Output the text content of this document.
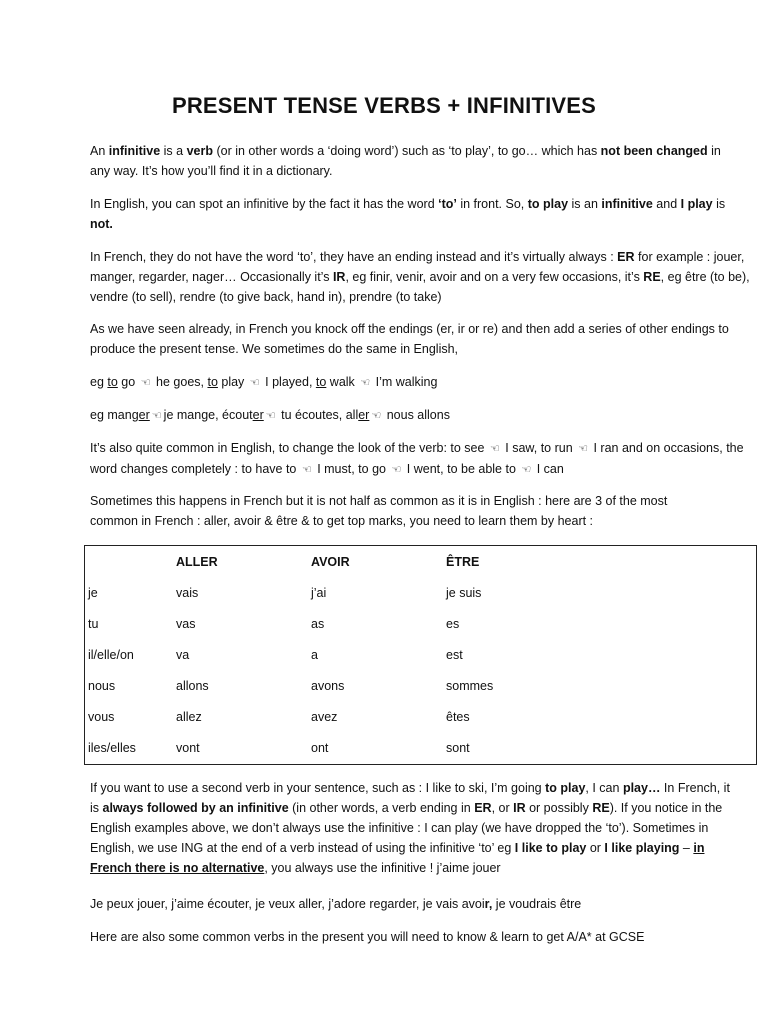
PRESENT TENSE VERBS + INFINITIVES

An infinitive is a verb (or in other words a ‘doing word’) such as ‘to play’, to go… which has not been changed in any way. It’s how you’ll find it in a dictionary.

In English, you can spot an infinitive by the fact it has the word ‘to’ in front. So, to play is an infinitive and I play is not.

In French, they do not have the word ‘to’, they have an ending instead and it’s virtually always : ER for example : jouer, manger, regarder, nager… Occasionally it’s IR, eg finir, venir, avoir and on a very few occasions, it’s RE, eg être (to be), vendre (to sell), rendre (to give back, hand in), prendre (to take)

As we have seen already, in French you knock off the endings (er, ir or re) and then add a series of other endings to produce the present tense. We sometimes do the same in English,

eg to go ☜ he goes, to play ☜ I played, to walk ☜ I’m walking

eg manger ☜ je mange, écouter ☜ tu écoutes, aller ☜ nous allons

It’s also quite common in English, to change the look of the verb: to see ☜ I saw, to run ☜ I ran and on occasions, the word changes completely : to have to ☜ I must, to go ☜ I went, to be able to ☜ I can

Sometimes this happens in French but it is not half as common as it is in English : here are 3 of the most common in French : aller, avoir & être & to get top marks, you need to learn them by heart :

	ALLER	AVOIR	ÊTRE
je	vais	j’ai	je suis
tu	vas	as	es
il/elle/on	va	a	est
nous	allons	avons	sommes
vous	allez	avez	êtes
iles/elles	vont	ont	sont

If you want to use a second verb in your sentence, such as : I like to ski, I’m going to play, I can play… In French, it is always followed by an infinitive (in other words, a verb ending in ER, or IR or possibly RE). If you notice in the English examples above, we don’t always use the infinitive : I can play (we have dropped the ‘to’). Sometimes in English, we use ING at the end of a verb instead of using the infinitive ‘to’ eg I like to play or I like playing – in French there is no alternative, you always use the infinitive ! j’aime jouer

Je peux jouer, j’aime écouter, je veux aller, j’adore regarder, je vais avoir, je voudrais être

Here are also some common verbs in the present you will need to know & learn to get A/A* at GCSE
